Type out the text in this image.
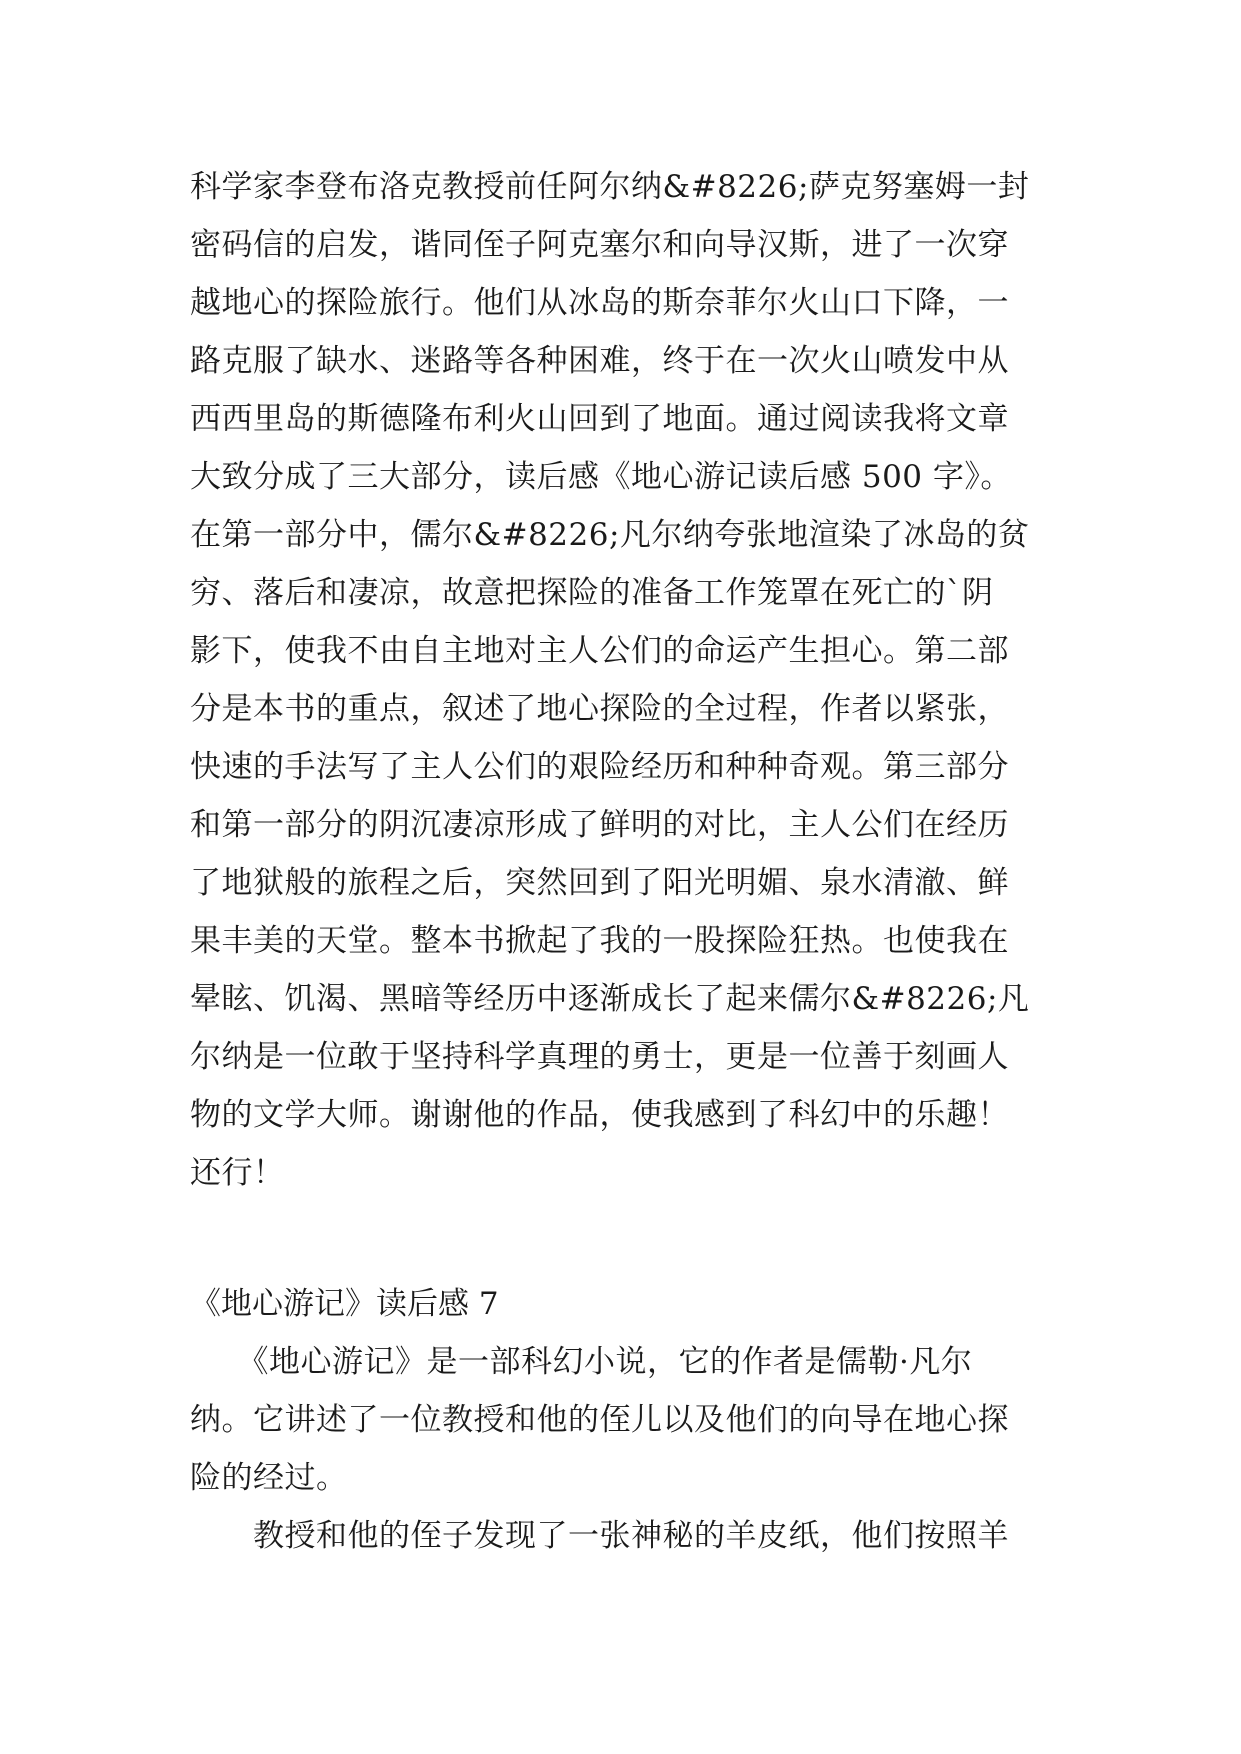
科学家李登布洛克教授前任阿尔纳&#8226;萨克努塞姆一封
密码信的启发，谐同侄子阿克塞尔和向导汉斯，进了一次穿
越地心的探险旅行。他们从冰岛的斯奈菲尔火山口下降，一
路克服了缺水、迷路等各种困难，终于在一次火山喷发中从
西西里岛的斯德隆布利火山回到了地面。通过阅读我将文章
大致分成了三大部分，读后感《地心游记读后感 500 字》。
在第一部分中，儒尔&#8226;凡尔纳夸张地渲染了冰岛的贫
穷、落后和凄凉，故意把探险的准备工作笼罩在死亡的`阴
影下，使我不由自主地对主人公们的命运产生担心。第二部
分是本书的重点，叙述了地心探险的全过程，作者以紧张，
快速的手法写了主人公们的艰险经历和种种奇观。第三部分
和第一部分的阴沉凄凉形成了鲜明的对比，主人公们在经历
了地狱般的旅程之后，突然回到了阳光明媚、泉水清澈、鲜
果丰美的天堂。整本书掀起了我的一股探险狂热。也使我在
晕眩、饥渴、黑暗等经历中逐渐成长了起来儒尔&#8226;凡
尔纳是一位敢于坚持科学真理的勇士，更是一位善于刻画人
物的文学大师。谢谢他的作品，使我感到了科幻中的乐趣！
还行！
《地心游记》读后感 7
　　《地心游记》是一部科幻小说，它的作者是儒勒·凡尔
纳。它讲述了一位教授和他的侄儿以及他们的向导在地心探
险的经过。
　　教授和他的侄子发现了一张神秘的羊皮纸，他们按照羊
